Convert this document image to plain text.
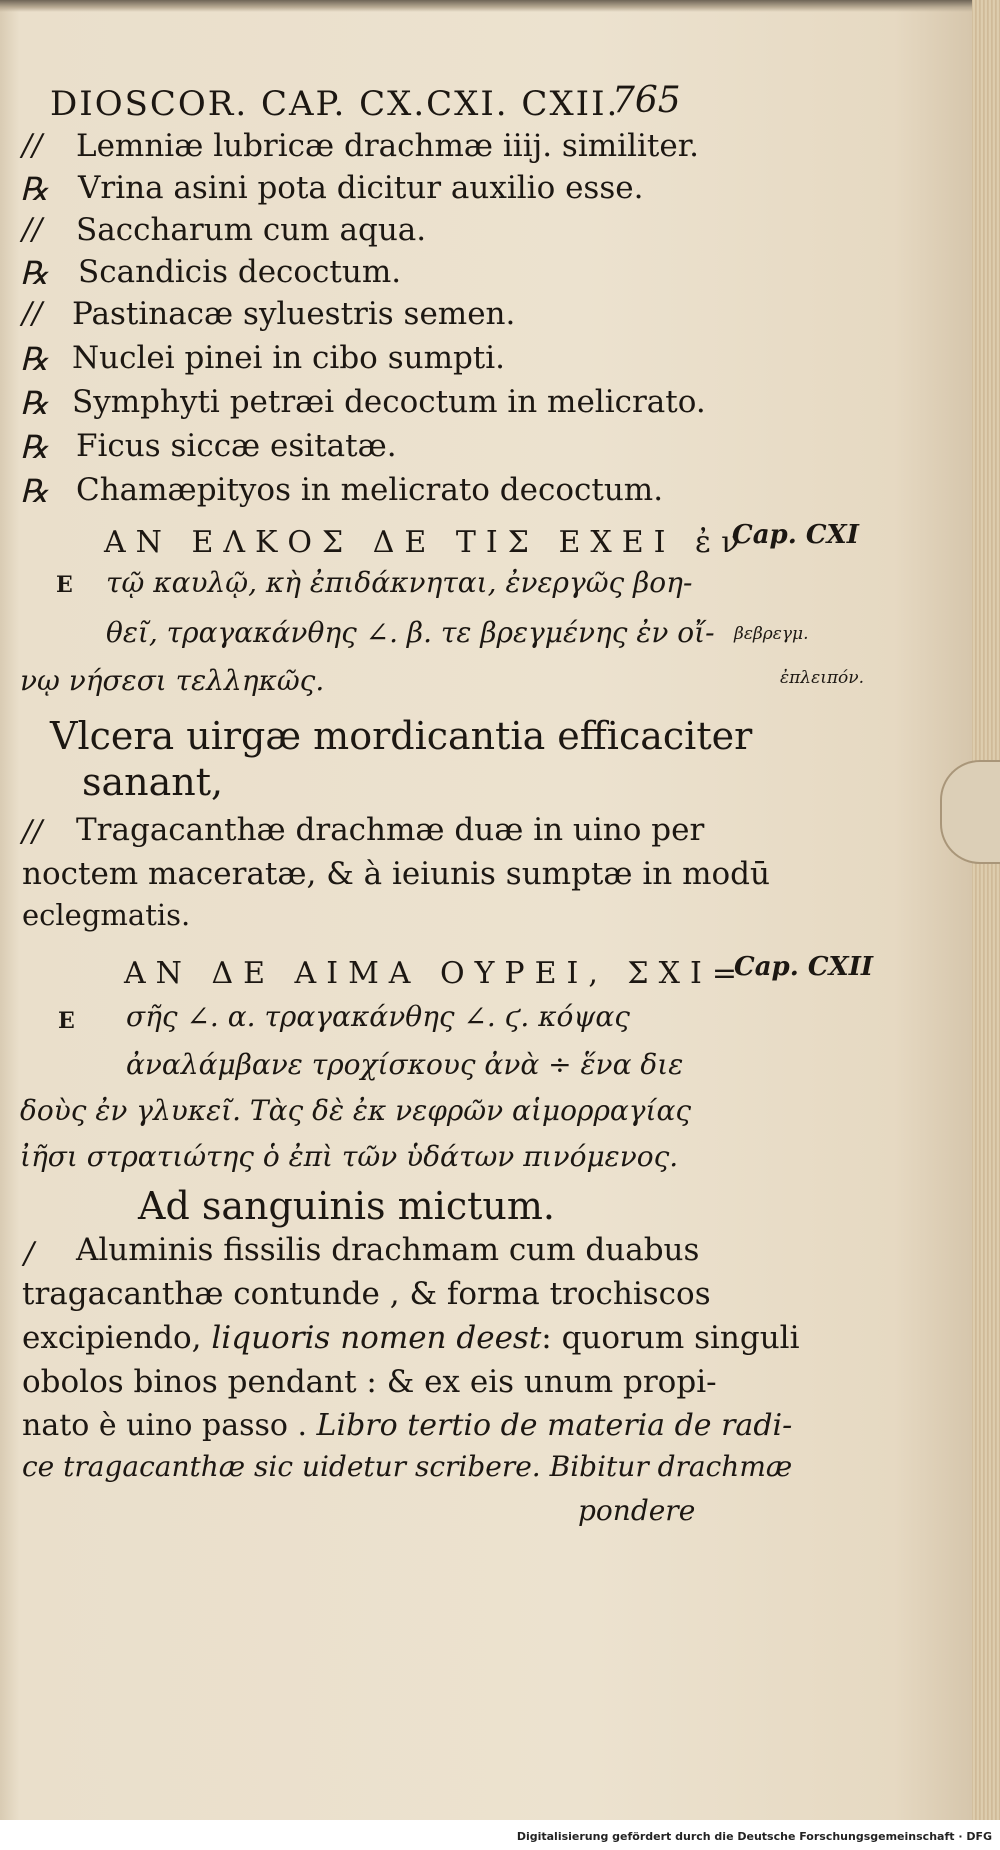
DIOSCOR. CAP. CX.CXI. CXII.
765
//
℞
//
℞
//
℞
℞
℞
℞
Lemniæ lubricæ drachmæ iiij. similiter.
Vrina asini pota dicitur auxilio esse.
Saccharum cum aqua.
Scandicis decoctum.
Pastinacæ syluestris semen.
Nuclei pinei in cibo sumpti.
Symphyti petræi decoctum in melicrato.
Ficus siccæ esitatæ.
Chamæpityos in melicrato decoctum.
ΑΝ ΕΛΚΟΣ ΔΕ ΤΙΣ ΕΧΕΙ ἐν
Cap. CXI
E τῷ καυλῷ, κὴ ἐπιδάκνηται, ἐνεργῶς βοη-
θεῖ, τραγακάνθης ∠. β. τε βρεγμένης ἐν οἴ- βεβρεγμ.
νῳ νήσεσι τελληκῶς.	ἐπλειπόν.
Vlcera uirgæ mordicantia efficaciter
sanant,
// Tragacanthæ drachmæ duæ in uino per
noctem maceratæ, & à ieiunis sumptæ in modū
eclegmatis.
ΑΝ ΔΕ ΑΙΜΑ ΟΥΡΕΙ, ΣΧΙ=
Cap. CXII
E σῆς ∠. α. τραγακάνθης ∠. ϛ. κόψας
ἀναλάμβανε τροχίσκους ἀνὰ ÷ ἕνα διε
δοὺς ἐν γλυκεῖ. Τὰς δὲ ἐκ νεφρῶν αἱμορραγίας
ἰῆσι στρατιώτης ὁ ἐπὶ τῶν ὑδάτων πινόμενος.
Ad sanguinis mictum.
/ Aluminis fissilis drachmam cum duabus
tragacanthæ contunde , & forma trochiscos
excipiendo, liquoris nomen deest: quorum singuli
obolos binos pendant : & ex eis unum propi-
nato è uino passo . Libro tertio de materia de radi-
ce tragacanthæ sic uidetur scribere. Bibitur drachmæ
pondere
Digitalisierung gefördert durch die Deutsche Forschungsgemeinschaft · DFG
